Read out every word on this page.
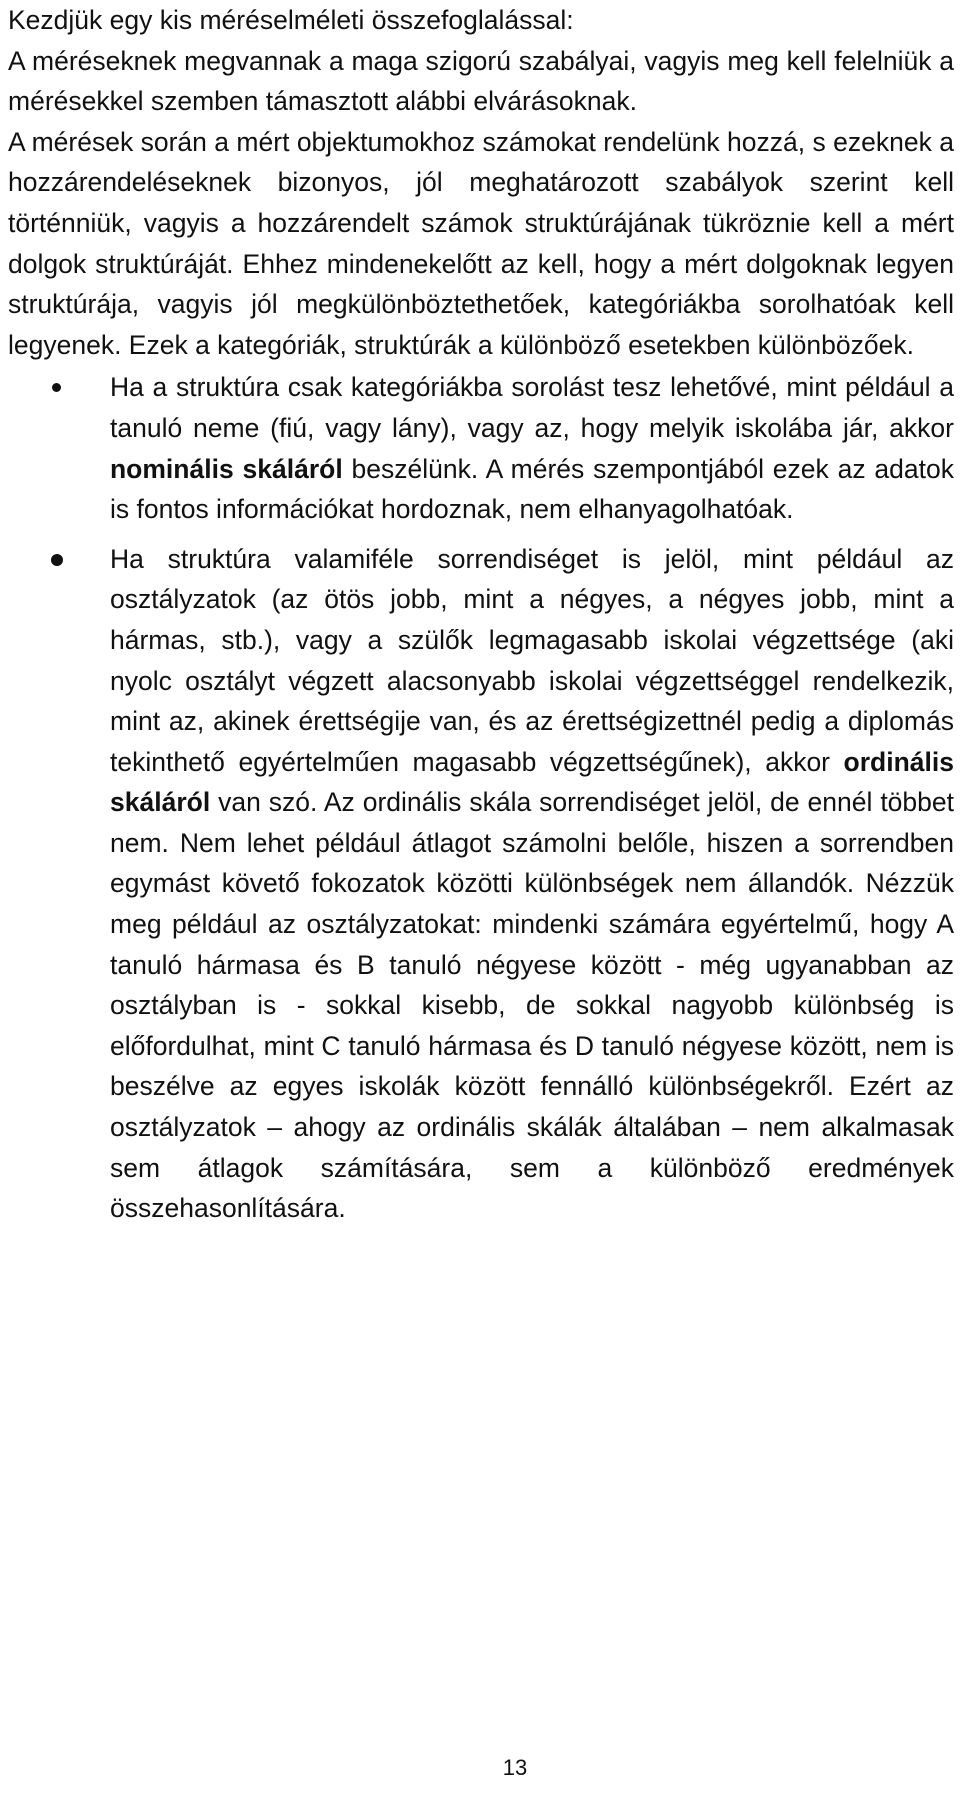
Kezdjük egy kis méréselméleti összefoglalással:

A méréseknek megvannak a maga szigorú szabályai, vagyis meg kell felelniük a mérésekkel szemben támasztott alábbi elvárásoknak.

A mérések során a mért objektumokhoz számokat rendelünk hozzá, s ezeknek a hozzárendeléseknek bizonyos, jól meghatározott szabályok szerint kell történniük, vagyis a hozzárendelt számok struktúrájának tükröznie kell a mért dolgok struktúráját. Ehhez mindenekelőtt az kell, hogy a mért dolgoknak legyen struktúrája, vagyis jól megkülönböztethetőek, kategóriákba sorolhatóak kell legyenek. Ezek a kategóriák, struktúrák a különböző esetekben különbözőek.

Ha a struktúra csak kategóriákba sorolást tesz lehetővé, mint például a tanuló neme (fiú, vagy lány), vagy az, hogy melyik iskolába jár, akkor nominális skáláról beszélünk. A mérés szempontjából ezek az adatok is fontos információkat hordoznak, nem elhanyagolhatóak.
Ha struktúra valamiféle sorrendiséget is jelöl, mint például az osztályzatok (az ötös jobb, mint a négyes, a négyes jobb, mint a hármas, stb.), vagy a szülők legmagasabb iskolai végzettsége (aki nyolc osztályt végzett alacsonyabb iskolai végzettséggel rendelkezik, mint az, akinek érettségije van, és az érettségizettnél pedig a diplomás tekinthető egyértelműen magasabb végzettségűnek), akkor ordinális skáláról van szó. Az ordinális skála sorrendiséget jelöl, de ennél többet nem. Nem lehet például átlagot számolni belőle, hiszen a sorrendben egymást követő fokozatok közötti különbségek nem állandók. Nézzük meg például az osztályzatokat: mindenki számára egyértelmű, hogy A tanuló hármasa és B tanuló négyese között - még ugyanabban az osztályban is - sokkal kisebb, de sokkal nagyobb különbség is előfordulhat, mint C tanuló hármasa és D tanuló négyese között, nem is beszélve az egyes iskolák között fennálló különbségekről. Ezért az osztályzatok – ahogy az ordinális skálák általában – nem alkalmasak sem átlagok számítására, sem a különböző eredmények összehasonlítására.
13
